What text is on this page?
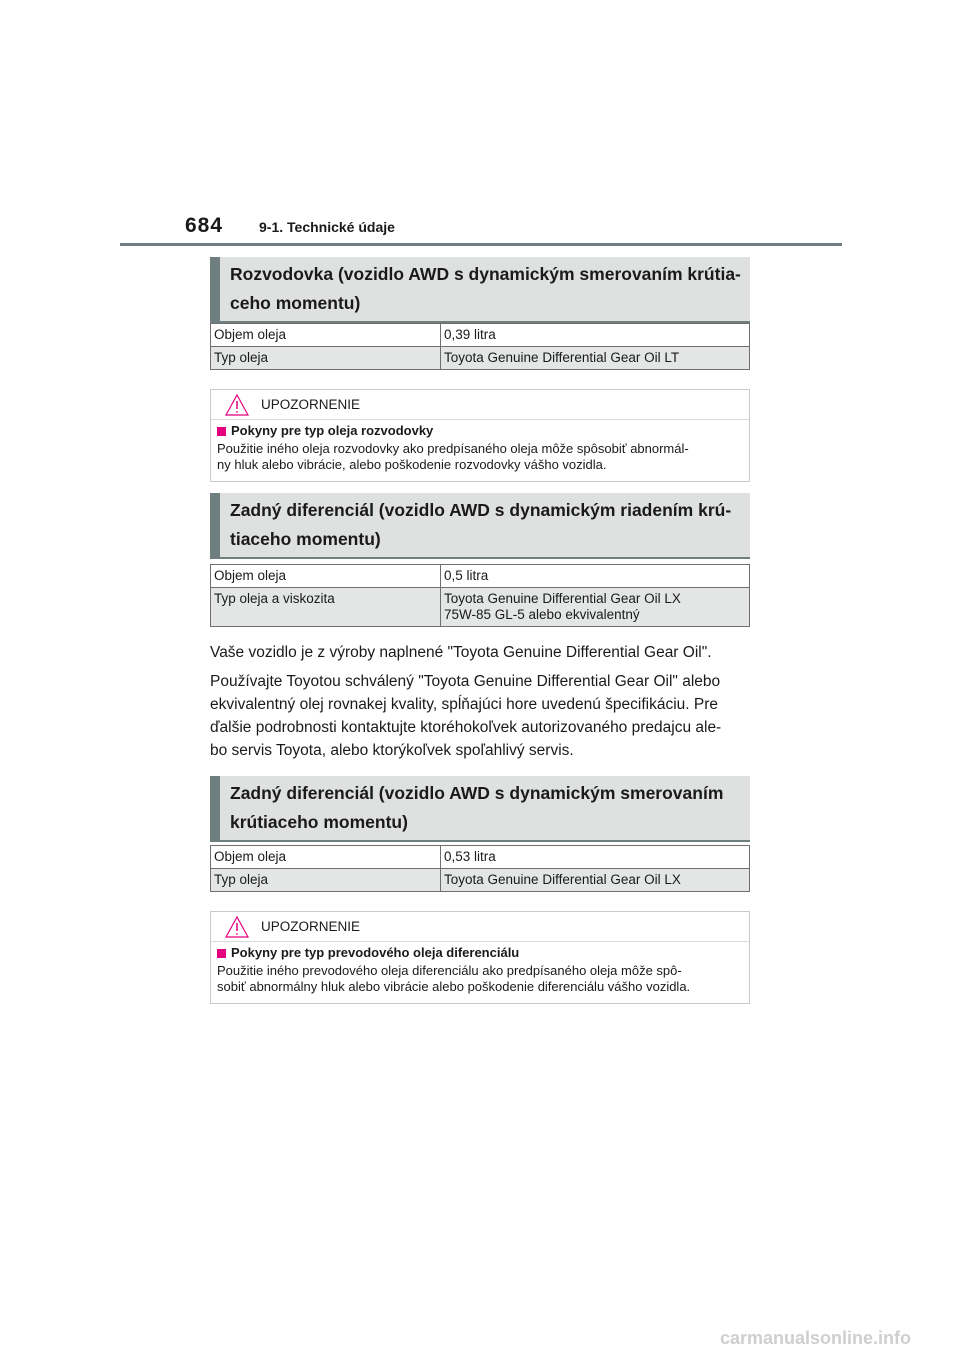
684	9-1. Technické údaje
Rozvodovka (vozidlo AWD s dynamickým smerovaním krútia-
ceho momentu)
Objem oleja	0,39 litra
Typ oleja	Toyota Genuine Differential Gear Oil LT
UPOZORNENIE
Pokyny pre typ oleja rozvodovky
Použitie iného oleja rozvodovky ako predpísaného oleja môže spôsobiť abnormál-
ny hluk alebo vibrácie, alebo poškodenie rozvodovky vášho vozidla.
Zadný diferenciál (vozidlo AWD s dynamickým riadením krú-
tiaceho momentu)
Objem oleja	0,5 litra
Typ oleja a viskozita	Toyota Genuine Differential Gear Oil LX
75W-85 GL-5 alebo ekvivalentný

Vaše vozidlo je z výroby naplnené "Toyota Genuine Differential Gear Oil".

Používajte Toyotou schválený "Toyota Genuine Differential Gear Oil" alebo ekvivalentný olej rovnakej kvality, spĺňajúci hore uvedenú špecifikáciu. Pre ďalšie podrobnosti kontaktujte ktoréhokoľvek autorizovaného predajcu ale-
bo servis Toyota, alebo ktorýkoľvek spoľahlivý servis.

Zadný diferenciál (vozidlo AWD s dynamickým smerovaním
krútiaceho momentu)
Objem oleja	0,53 litra
Typ oleja	Toyota Genuine Differential Gear Oil LX
UPOZORNENIE
Pokyny pre typ prevodového oleja diferenciálu
Použitie iného prevodového oleja diferenciálu ako predpísaného oleja môže spô-
sobiť abnormálny hluk alebo vibrácie alebo poškodenie diferenciálu vášho vozidla.
carmanualsonline.info
